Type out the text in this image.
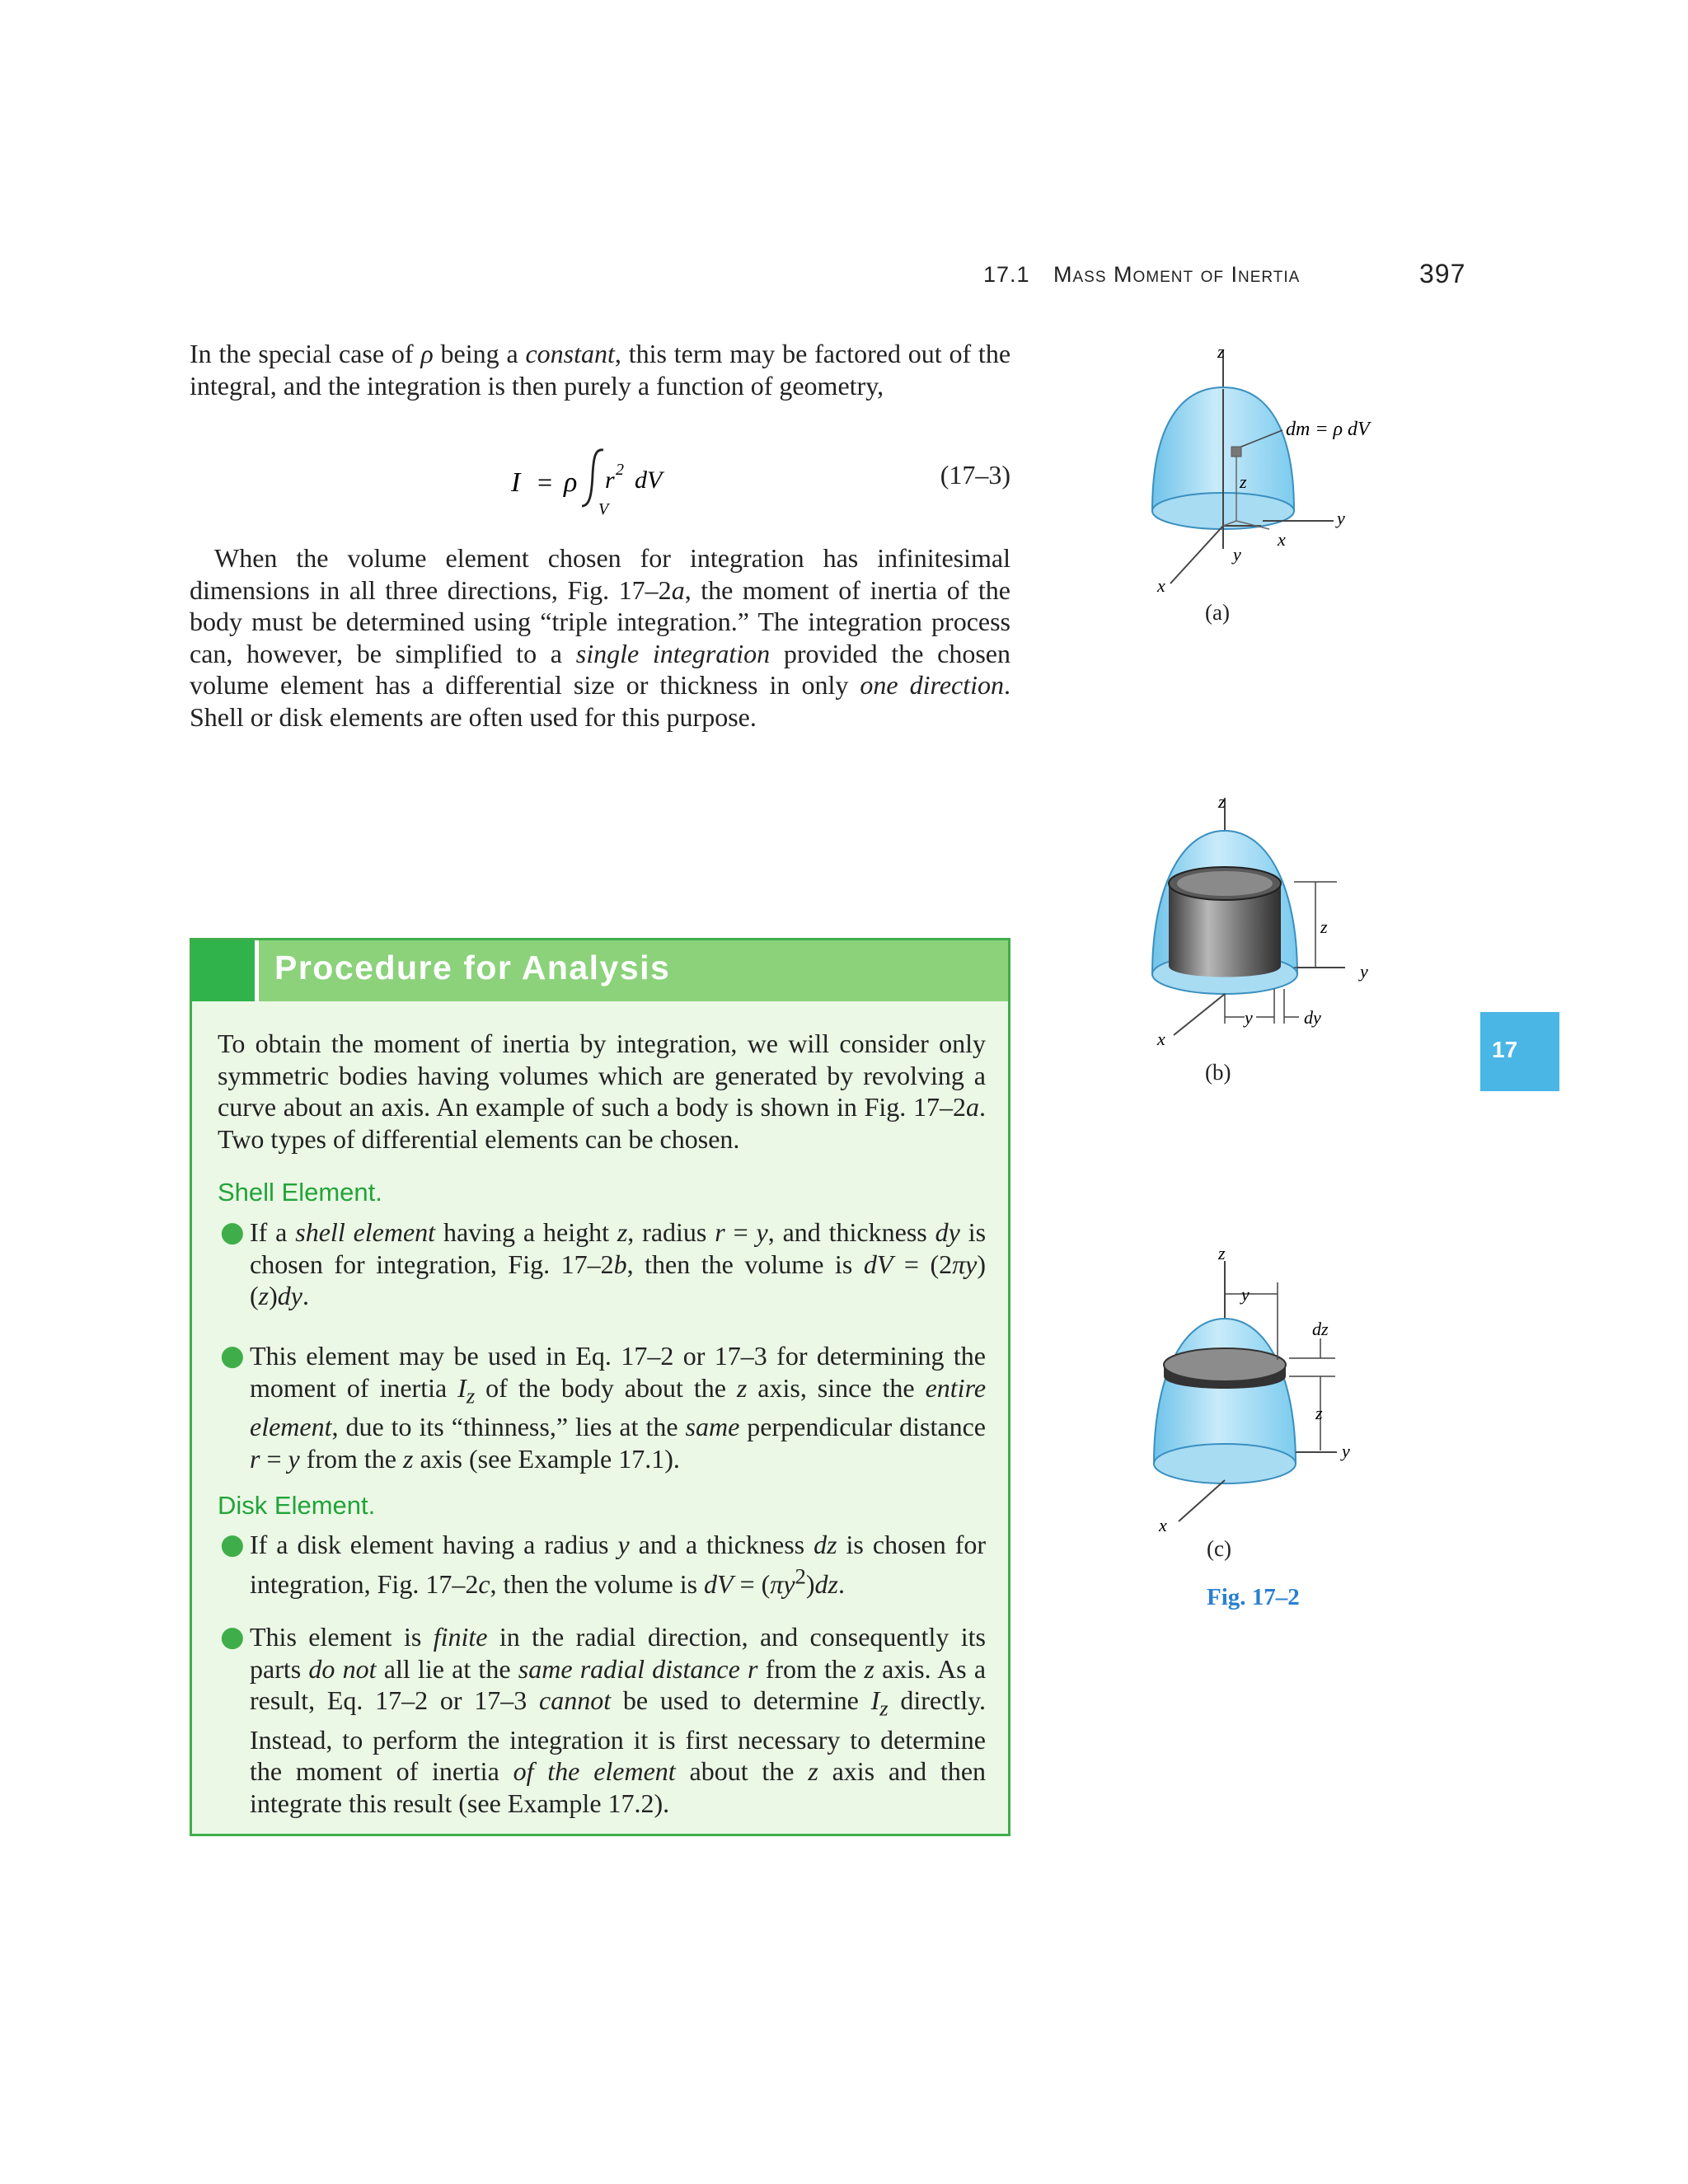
17.1 Mass Moment of Inertia	397
In the special case of ρ being a constant, this term may be factored out of the integral, and the integration is then purely a function of geometry,
I = ρ r 2 dV
V
(17–3)
When the volume element chosen for integration has infinitesimal dimensions in all three directions, Fig. 17–2a, the moment of inertia of the body must be determined using “triple integration.” The integration process can, however, be simplified to a single integration provided the chosen volume element has a differential size or thickness in only one direction. Shell or disk elements are often used for this purpose.
Procedure for Analysis
To obtain the moment of inertia by integration, we will consider only symmetric bodies having volumes which are generated by revolving a curve about an axis. An example of such a body is shown in Fig. 17–2a. Two types of differential elements can be chosen.
Shell Element.
● If a shell element having a height z, radius r = y, and thickness dy is chosen for integration, Fig. 17–2b, then the volume is dV = (2πy)(z)dy.
● This element may be used in Eq. 17–2 or 17–3 for determining the moment of inertia $I_z$ of the body about the z axis, since the entire element, due to its “thinness,” lies at the same perpendicular distance r = y from the z axis (see Example 17.1).
Disk Element.
● If a disk element having a radius y and a thickness dz is chosen for integration, Fig. 17–2c, then the volume is dV = $(\pi y^2)dz$.
● This element is finite in the radial direction, and consequently its parts do not all lie at the same radial distance r from the z axis. As a result, Eq. 17–2 or 17–3 cannot be used to determine $I_z$ directly. Instead, to perform the integration it is first necessary to determine the moment of inertia of the element about the z axis and then integrate this result (see Example 17.2).
dm = ρ dV
z
y
x
y
x
z
(a)
z
y
y	dy
x
z
(b)
y
dz
z
y
x
z
(c)
Fig. 17–2
17
